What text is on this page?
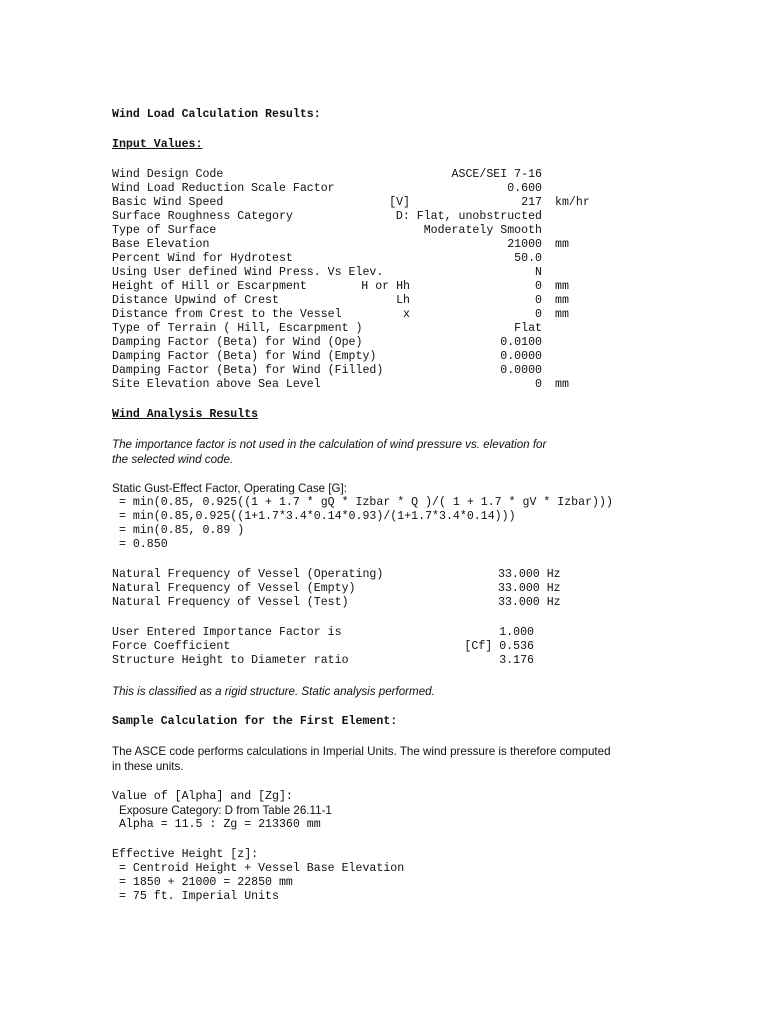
Wind Load Calculation Results:
Input Values:
Wind Design Code	ASCE/SEI 7-16
Wind Load Reduction Scale Factor	0.600
Basic Wind Speed	[V]	217 km/hr
Surface Roughness Category	D: Flat, unobstructed
Type of Surface	Moderately Smooth
Base Elevation	21000 mm
Percent Wind for Hydrotest	50.0
Using User defined Wind Press. Vs Elev.	N
Height of Hill or Escarpment	H or Hh	0 mm
Distance Upwind of Crest	Lh	0 mm
Distance from Crest to the Vessel	x	0 mm
Type of Terrain ( Hill, Escarpment )	Flat
Damping Factor (Beta) for Wind (Ope)	0.0100
Damping Factor (Beta) for Wind (Empty)	0.0000
Damping Factor (Beta) for Wind (Filled)	0.0000
Site Elevation above Sea Level	0 mm
Wind Analysis Results
The importance factor is not used in the calculation of wind pressure vs. elevation for
the selected wind code.
Static Gust-Effect Factor, Operating Case [G]:
= min(0.85, 0.925((1 + 1.7 * gQ * Izbar * Q )/( 1 + 1.7 * gV * Izbar)))
= min(0.85,0.925((1+1.7*3.4*0.14*0.93)/(1+1.7*3.4*0.14)))
= min(0.85, 0.89 )
= 0.850
Natural Frequency of Vessel (Operating)	33.000 Hz
Natural Frequency of Vessel (Empty)	33.000 Hz
Natural Frequency of Vessel (Test)	33.000 Hz
User Entered Importance Factor is	1.000
Force Coefficient	[Cf] 0.536
Structure Height to Diameter ratio	3.176
This is classified as a rigid structure. Static analysis performed.
Sample Calculation for the First Element:
The ASCE code performs calculations in Imperial Units. The wind pressure is therefore computed
in these units.
Value of [Alpha] and [Zg]:
Exposure Category: D from Table 26.11-1
Alpha = 11.5 : Zg = 213360 mm
Effective Height [z]:
= Centroid Height + Vessel Base Elevation
= 1850 + 21000 = 22850 mm
= 75 ft. Imperial Units
